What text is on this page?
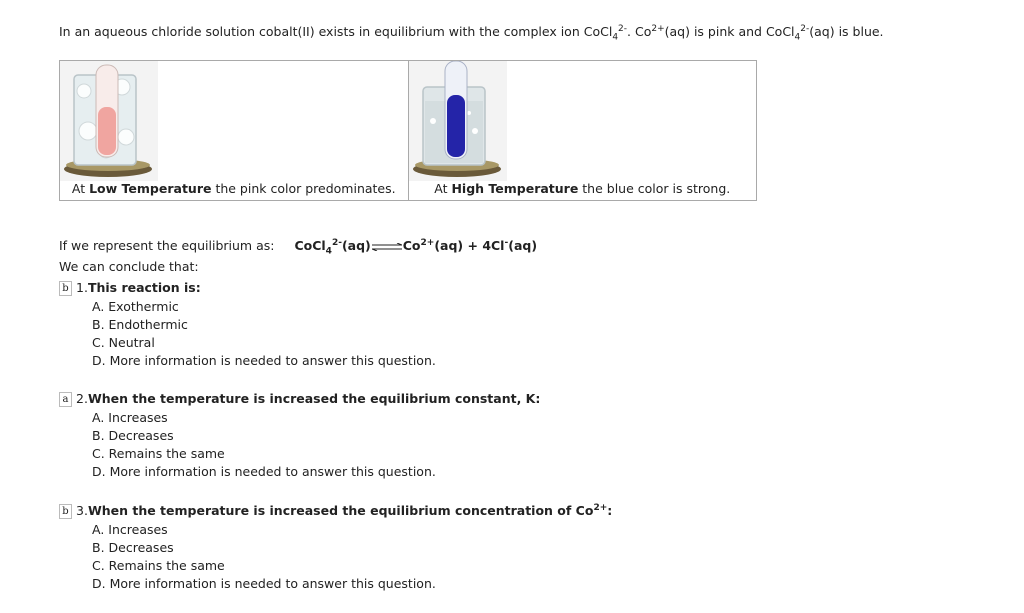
In an aqueous chloride solution cobalt(II) exists in equilibrium with the complex ion CoCl$_4^{2-}$. $Co^{2+}(aq)$ is pink and CoCl$_4^{2-}$(aq) is blue.
At Low Temperature the pink color predominates.	At High Temperature the blue color is strong.
If we represent the equilibrium as: $CoCl_4^{2-}(aq)\rightleftharpoons Co^{2+}(aq) + 4Cl^-(aq)$
We can conclude that:
b 1.This reaction is:
A. Exothermic
B. Endothermic
C. Neutral
D. More information is needed to answer this question.
a 2.When the temperature is increased the equilibrium constant, K:
A. Increases
B. Decreases
C. Remains the same
D. More information is needed to answer this question.
b 3.When the temperature is increased the equilibrium concentration of $Co^{2+}$:
A. Increases
B. Decreases
C. Remains the same
D. More information is needed to answer this question.
